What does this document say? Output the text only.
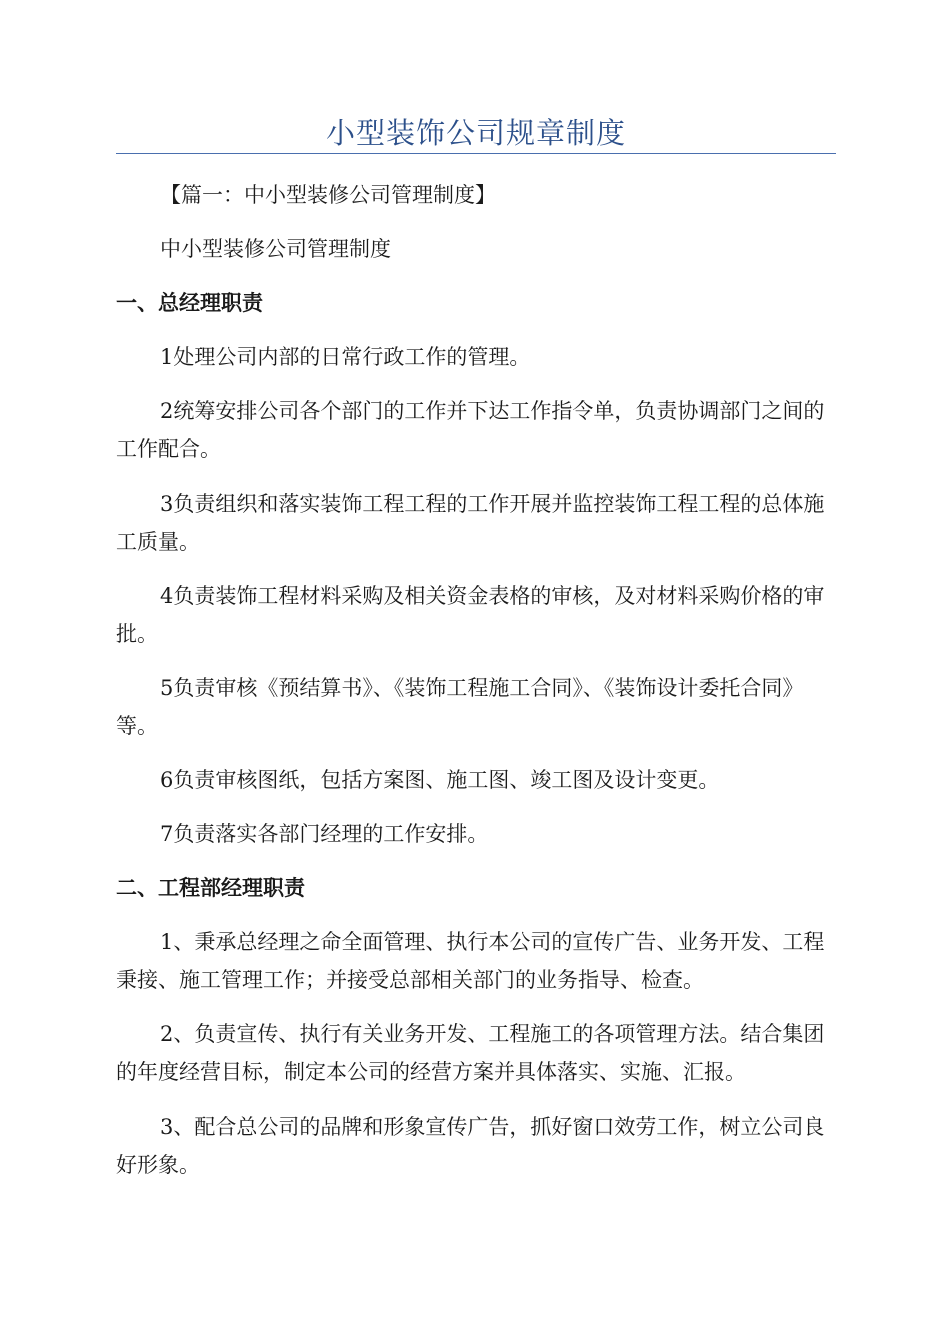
小型装饰公司规章制度

【篇一：中小型装修公司管理制度】

中小型装修公司管理制度

一、总经理职责

1处理公司内部的日常行政工作的管理。

2统筹安排公司各个部门的工作并下达工作指令单，负责协调部门之间的工作配合。

3负责组织和落实装饰工程工程的工作开展并监控装饰工程工程的总体施工质量。

4负责装饰工程材料采购及相关资金表格的审核，及对材料采购价格的审批。

5负责审核《预结算书》、《装饰工程施工合同》、《装饰设计委托合同》等。

6负责审核图纸，包括方案图、施工图、竣工图及设计变更。

7负责落实各部门经理的工作安排。

二、工程部经理职责

1、秉承总经理之命全面管理、执行本公司的宣传广告、业务开发、工程秉接、施工管理工作；并接受总部相关部门的业务指导、检查。

2、负责宣传、执行有关业务开发、工程施工的各项管理方法。结合集团的年度经营目标，制定本公司的经营方案并具体落实、实施、汇报。

3、配合总公司的品牌和形象宣传广告，抓好窗口效劳工作，树立公司良好形象。
